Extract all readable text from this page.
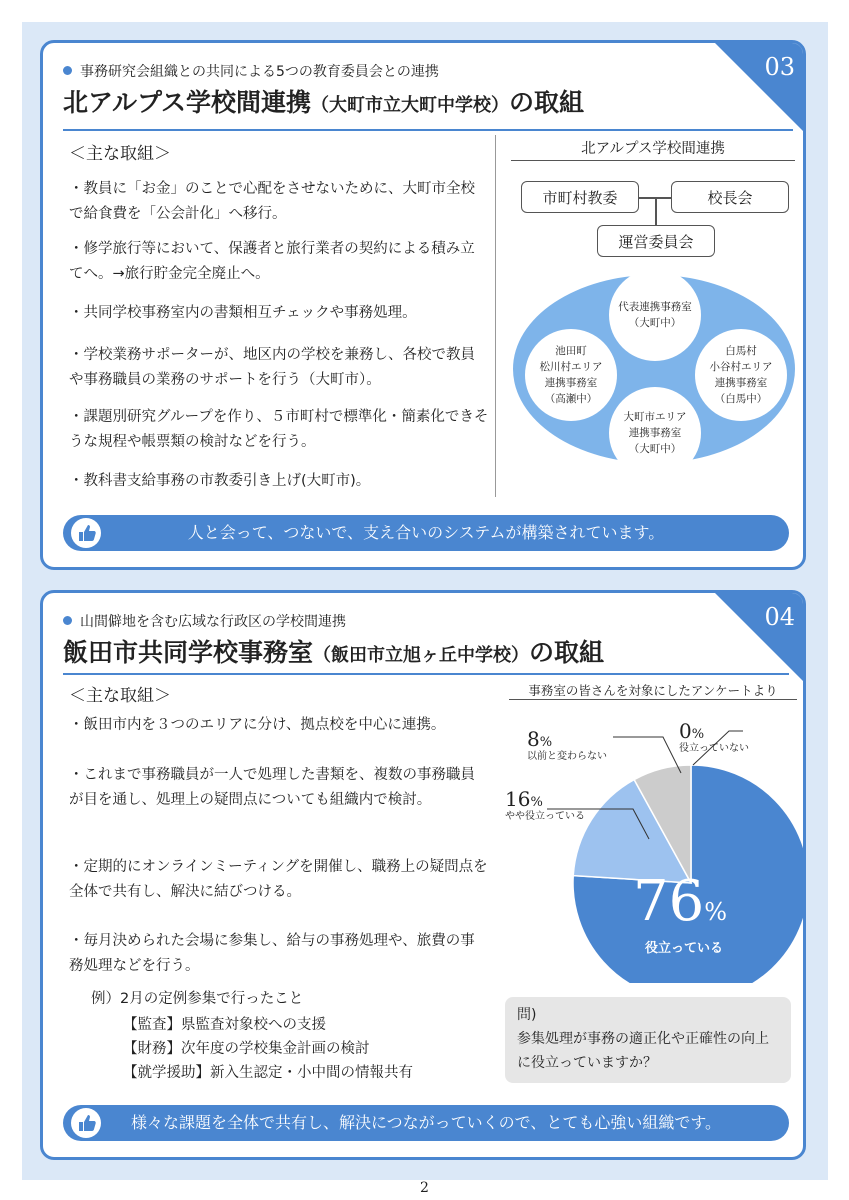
03
事務研究会組織との共同による5つの教育委員会との連携
北アルプス学校間連携（大町市立大町中学校）の取組
＜主な取組＞
・教員に「お金」のことで心配をさせないために、大町市全校で給食費を「公会計化」へ移行。
・修学旅行等において、保護者と旅行業者の契約による積み立てへ。→旅行貯金完全廃止へ。
・共同学校事務室内の書類相互チェックや事務処理。
・学校業務サポーターが、地区内の学校を兼務し、各校で教員や事務職員の業務のサポートを行う（大町市）。
・課題別研究グループを作り、５市町村で標準化・簡素化できそうな規程や帳票類の検討などを行う。
・教科書支給事務の市教委引き上げ(大町市)。
北アルプス学校間連携
市町村教委	校長会
運営委員会
代表連携事務室
（大町中）
池田町
松川村エリア
連携事務室
（高瀬中）
白馬村
小谷村エリア
連携事務室
（白馬中）
大町市エリア
連携事務室
（大町中）
人と会って、つないで、支え合いのシステムが構築されています。
04
山間僻地を含む広域な行政区の学校間連携
飯田市共同学校事務室（飯田市立旭ヶ丘中学校）の取組
＜主な取組＞
・飯田市内を３つのエリアに分け、拠点校を中心に連携。
・これまで事務職員が一人で処理した書類を、複数の事務職員が目を通し、処理上の疑問点についても組織内で検討。
・定期的にオンラインミーティングを開催し、職務上の疑問点を全体で共有し、解決に結びつける。
・毎月決められた会場に参集し、給与の事務処理や、旅費の事務処理などを行う。
例）2月の定例参集で行ったこと
【監査】県監査対象校への支援
【財務】次年度の学校集金計画の検討
【就学援助】新入生認定・小中間の情報共有
事務室の皆さんを対象にしたアンケートより
8%
以前と変わらない
0%
役立っていない
16%
やや役立っている
76%
役立っている
問)
参集処理が事務の適正化や正確性の向上に役立っていますか？
様々な課題を全体で共有し、解決につながっていくので、とても心強い組織です。
2
